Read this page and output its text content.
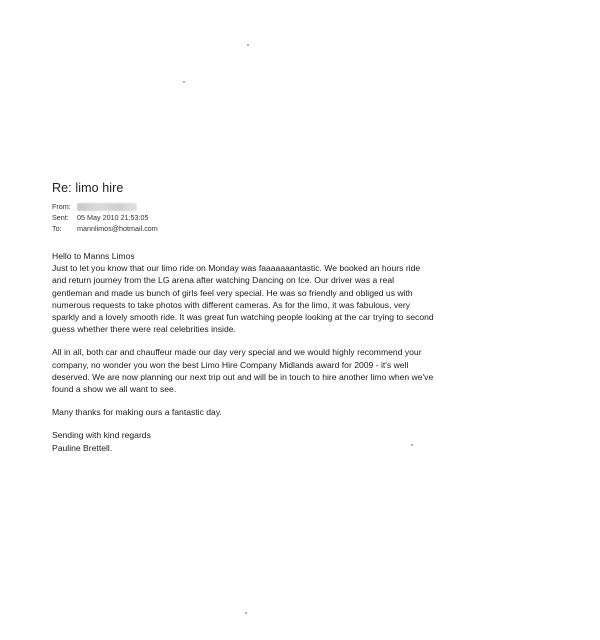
Re: limo hire
From:
Sent:	05 May 2010 21:53:05
To:	mannlimos@hotmail.com
Hello to Manns Limos
Just to let you know that our limo ride on Monday was faaaaaaantastic. We booked an hours ride
and return journey from the LG arena after watching Dancing on Ice. Our driver was a real
gentleman and made us bunch of girls feel very special. He was so friendly and obliged us with
numerous requests to take photos with different cameras. As for the limo, it was fabulous, very
sparkly and a lovely smooth ride. It was great fun watching people looking at the car trying to second
guess whether there were real celebrities inside.
All in all, both car and chauffeur made our day very special and we would highly recommend your
company, no wonder you won the best Limo Hire Company Midlands award for 2009 - it's well
deserved. We are now planning our next trip out and will be in touch to hire another limo when we've
found a show we all want to see.
Many thanks for making ours a fantastic day.
Sending with kind regards
Pauline Brettell.
